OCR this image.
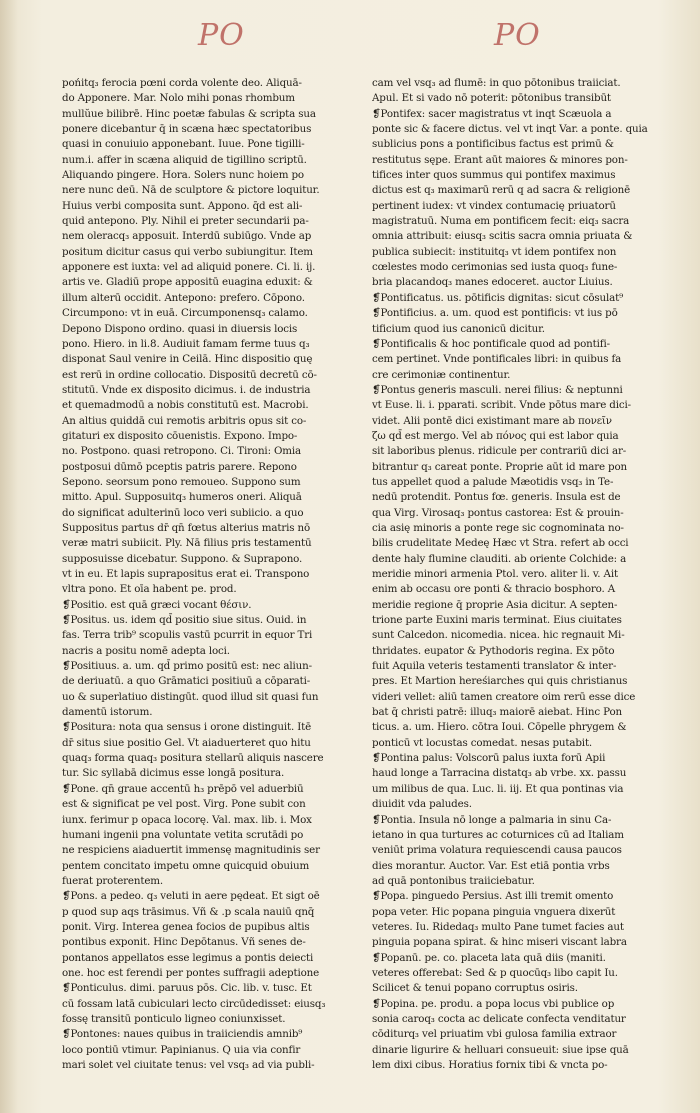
PO	PO
pońitq₃ ferocia pœni corda volente deo. Aliquā-
do Apponere. Mar. Nolo mihi ponas rhombum
mullŭue bilibrē. Hinc poetæ fabulas & scripta sua
ponere dicebantur q̄ in scæna hæc spectatoribus
quasi in conuiuio apponebant. Iuue. Pone tigilli-
num.i. affer in scæna aliquid de tigillino scriptū.
Aliquando pingere. Hora. Solers nunc hoiem po
nere nunc deū. Nā de sculptore & pictore loquitur.
Huius verbi composita sunt. Appono. q̄d est ali-
quid antepono. Ply. Nihil ei preter secundarii pa-
nem oleracq₃ apposuit. Interdū subiūgo. Vnde ap
positum dicitur casus qui verbo subiungitur. Item
apponere est iuxta: vel ad aliquid ponere. Ci. li. ij.
artis ve. Gladiū prope appositū euagina eduxit: &
illum alterū occidit. Antepono: prefero. Cōpono.
Circumpono: vt in euā. Circumponensq₃ calamo.
Depono Dispono ordino. quasi in diuersis locis
pono. Hiero. in li.8. Audiuit famam ferme tuus q₃
disponat Saul venire in Ceilā. Hinc dispositio quę
est rerū in ordine collocatio. Dispositū decretū cō-
stitutū. Vnde ex disposito dicimus. i. de industria
et quemadmodū a nobis constitutū est. Macrobi.
An altius quiddā cui remotis arbitris opus sit co-
gitaturi ex disposito cōuenistis. Expono. Impo-
no. Postpono. quasi retropono. Ci. Tironi: Omia
postposui dūmō pceptis patris parere. Repono
Sepono. seorsum pono remoueo. Suppono sum
mitto. Apul. Supposuitq₃ humeros oneri. Aliquā
do significat adulterinū loco veri subiicio. a quo
Suppositus partus dr̄ qn̄ fœtus alterius matris nō
veræ matri subiicit. Ply. Nā filius pris testamentū
supposuisse dicebatur. Suppono. & Suprapono.
vt in eu. Et lapis suprapositus erat ei. Transpono
vltra pono. Et oīa habent pe. prod.
❡Positio. est quā græci vocant θέσιν.
❡Positus. us. idem qd̄ positio siue situs. Ouid. in
fas. Terra trib⁹ scopulis vastū pcurrit in equor Tri
nacris a positu nomē adepta loci.
❡Positiuus. a. um. qd̄ primo positū est: nec aliun-
de deriuatū. a quo Grāmatici positiuū a cōparati-
uo & superlatiuo distingūt. quod illud sit quasi fun
damentū istorum.
❡Positura: nota qua sensus i orone distinguit. Itē
dr̄ situs siue positio Gel. Vt aiaduerteret quo hitu
quaq₃ forma quaq₃ positura stellarū aliquis nascere
tur. Sic syllabā dicimus esse longā positura.
❡Pone. qn̄ graue accentū h₃ prēpō vel aduerbiū
est & significat pe vel post. Virg. Pone subit con
iunx. ferimur p opaca locorę. Val. max. lib. i. Mox
humani ingenii pna voluntate vetita scrutādi po
ne respiciens aiaduertit immensę magnitudinis ser
pentem concitato impetu omne quicquid obuium
fuerat proterentem.
❡Pons. a pedeo. q₃ veluti in aere pędeat. Et sigt oē
p quod sup aqs trāsimus. Vñ & .p scala nauiū qnq̄
ponit. Virg. Interea genea focios de pupibus altis
pontibus exponit. Hinc Depōtanus. Vñ senes de-
pontanos appellatos esse legimus a pontis deiecti
one. hoc est ferendi per pontes suffragii adeptione
❡Ponticulus. dimi. paruus pōs. Cic. lib. v. tusc. Et
cū fossam latā cubiculari lecto circūdedisset: eiusq₃
fossę transitū ponticulo ligneo coniunxisset.
❡Pontones: naues quibus in traiiciendis amnib⁹
loco pontiū vtimur. Papinianus. Q uia via confir
mari solet vel ciuitate tenus: vel vsq₃ ad via publi-
cam vel vsq₃ ad flumē: in quo pōtonibus traiiciat.
Apul. Et si vado nō poterit: pōtonibus transibūt
❡Pontifex: sacer magistratus vt inqt Scæuola a
ponte sic & facere dictus. vel vt inqt Var. a ponte. quia
sublicius pons a pontificibus factus est primū &
restitutus sępe. Erant aūt maiores & minores pon-
tifices inter quos summus qui pontifex maximus
dictus est q₃ maximarū rerū q ad sacra & religionē
pertinent iudex: vt vindex contumacię priuatorū
magistratuū. Numa em pontificem fecit: eiq₃ sacra
omnia attribuit: eiusq₃ scitis sacra omnia priuata &
publica subiecit: instituitq₃ vt idem pontifex non
cœlestes modo cerimonias sed iusta quoq₃ fune-
bria placandoq₃ manes edoceret. auctor Liuius.
❡Pontificatus. us. pōtificis dignitas: sicut cōsulat⁹
❡Pontificius. a. um. quod est pontificis: vt ius pō
tificium quod ius canonicū dicitur.
❡Pontificalis & hoc pontificale quod ad pontifi-
cem pertinet. Vnde pontificales libri: in quibus fa
cre cerimoniæ continentur.
❡Pontus generis masculi. nerei filius: & neptunni
vt Euse. li. i. pparati. scribit. Vnde pōtus mare dici-
videt. Alii pontē dici existimant mare ab πονεῖν
ζω qd̄ est mergo. Vel ab πόνος qui est labor quia
sit laboribus plenus. ridicule per contrariū dici ar-
bitrantur q₃ careat ponte. Proprie aūt id mare pon
tus appellet quod a palude Mæotidis vsq₃ in Te-
nedū protendit. Pontus fœ. generis. Insula est de
qua Virg. Virosaq₃ pontus castorea: Est & prouin-
cia asię minoris a ponte rege sic cognominata no-
bilis crudelitate Medeę Hæc vt Stra. refert ab occi
dente haly flumine clauditi. ab oriente Colchide: a
meridie minori armenia Ptol. vero. aliter li. v. Ait
enim ab occasu ore ponti & thracio bosphoro. A
meridie regione q̄ proprie Asia dicitur. A septen-
trione parte Euxini maris terminat. Eius ciuitates
sunt Calcedon. nicomedia. nicea. hic regnauit Mi-
thridates. eupator & Pythodoris regina. Ex pōto
fuit Aquila veteris testamenti translator & inter-
pres. Et Martion hereśiarches qui quis christianus
videri vellet: aliū tamen creatore oim rerū esse dice
bat q̄ christi patrē: illuq₃ maiorē aiebat. Hinc Pon
ticus. a. um. Hiero. cōtra Ioui. Cōpelle phrygem &
ponticū vt locustas comedat. nesas putabit.
❡Pontina palus: Volscorū palus iuxta forū Apii
haud longe a Tarracina distatq₃ ab vrbe. xx. passu
um milibus de qua. Luc. li. iij. Et qua pontinas via
diuidit vda paludes.
❡Pontia. Insula nō longe a palmaria in sinu Ca-
ietano in qua turtures ac coturnices cū ad Italiam
veniūt prima volatura requiescendi causa paucos
dies morantur. Auctor. Var. Est etiā pontia vrbs
ad quā pontonibus traiiciebatur.
❡Popa. pinguedo Persius. Ast illi tremit omento
popa veter. Hic popana pinguia vnguera dixerūt
veteres. Iu. Ridedaq₃ multo Pane tumet facies aut
pinguia popana spirat. & hinc miseri viscant labra
❡Popanū. pe. co. placeta lata quā diis (maniti.
veteres offerebat: Sed & p quocūq₃ libo capit Iu.
Scilicet & tenui popano corruptus osiris.
❡Popina. pe. produ. a popa locus vbi publice op
sonia caroq₃ cocta ac delicate confecta venditatur
cōditurq₃ vel priuatim vbi gulosa familia extraor
dinarie ligurire & helluari consueuit: siue ipse quā
lem dixi cibus. Horatius fornix tibi & vncta po-
